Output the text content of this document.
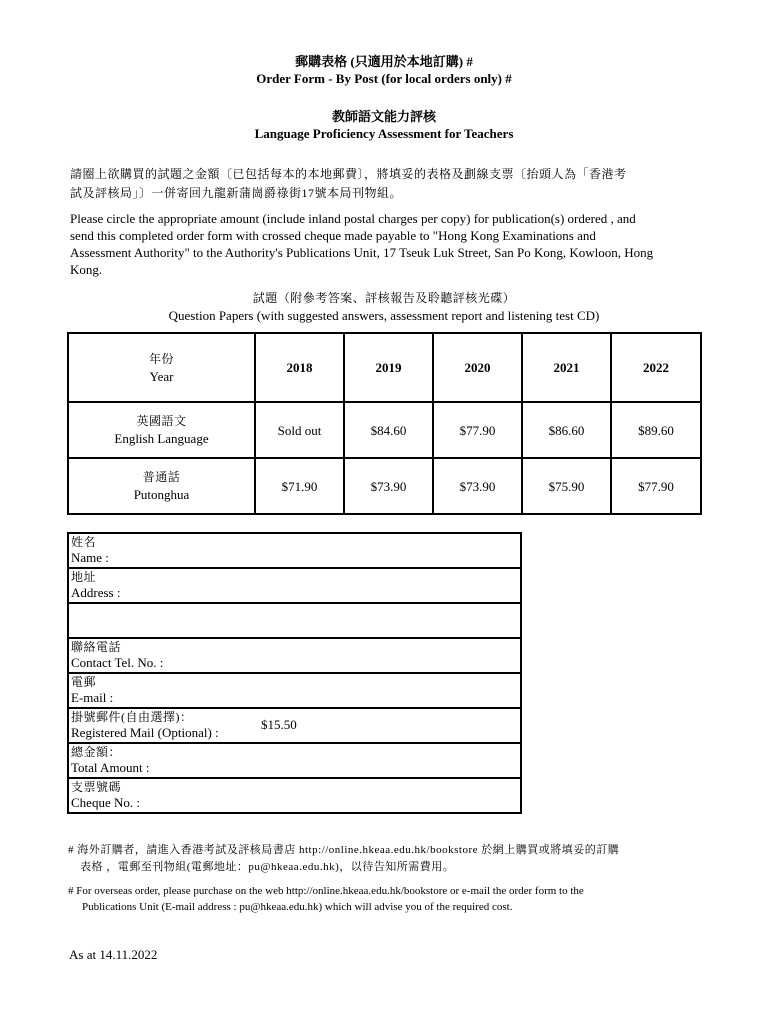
郵購表格 (只適用於本地訂購) #
Order Form - By Post (for local orders only) #
教師語文能力評核
Language Proficiency Assessment for Teachers
請圈上欲購買的試題之金額〔已包括每本的本地郵費〕，將填妥的表格及劃線支票〔抬頭人為「香港考
試及評核局」〕一併寄回九龍新蒲崗爵祿街17號本局刊物組。
Please circle the appropriate amount (include inland postal charges per copy) for publication(s) ordered , and
send this completed order form with crossed cheque made payable to "Hong Kong Examinations and
Assessment Authority" to the Authority's Publications Unit, 17 Tseuk Luk Street, San Po Kong, Kowloon, Hong
Kong.
試題（附參考答案、評核報告及聆聽評核光碟）
Question Papers (with suggested answers, assessment report and listening test CD)
年份
Year	2018	2019	2020	2021	2022

英國語文
English Language	Sold out	$84.60	$77.90	$86.60	$89.60

普通話
Putonghua	$71.90	$73.90	$73.90	$75.90	$77.90
姓名
Name :

地址
Address :

聯絡電話
Contact Tel. No. :

電郵
E-mail :

掛號郵件(自由選擇)：
Registered Mail (Optional) :
$15.50

總金額：
Total Amount :

支票號碼
Cheque No. :
# 海外訂購者，請進入香港考試及評核局書店 http://online.hkeaa.edu.hk/bookstore 於網上購買或將填妥的訂購
表格 ，電郵至刊物組(電郵地址：pu@hkeaa.edu.hk)，以待告知所需費用。
# For overseas order, please purchase on the web http://online.hkeaa.edu.hk/bookstore or e-mail the order form to the
Publications Unit (E-mail address : pu@hkeaa.edu.hk) which will advise you of the required cost.
As at 14.11.2022
